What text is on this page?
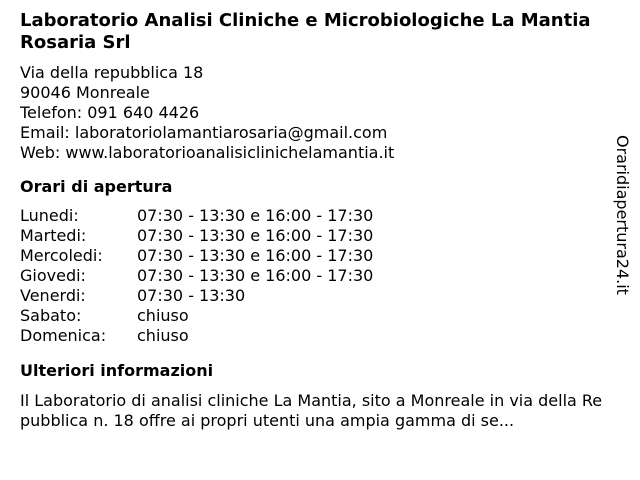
Laboratorio Analisi Cliniche e Microbiologiche La Mantia Rosaria Srl
Via della repubblica 18
90046 Monreale
Telefon: 091 640 4426
Email: laboratoriolamantiarosaria@gmail.com
Web: www.laboratorioanalisiclinichelamantia.it
Orari di apertura
Lunedi:	07:30 - 13:30 e 16:00 - 17:30
Martedi:	07:30 - 13:30 e 16:00 - 17:30
Mercoledi:	07:30 - 13:30 e 16:00 - 17:30
Giovedi:	07:30 - 13:30 e 16:00 - 17:30
Venerdi:	07:30 - 13:30
Sabato:	chiuso
Domenica:	chiuso
Ulteriori informazioni
Il Laboratorio di analisi cliniche La Mantia, sito a Monreale in via della Repubblica n. 18 offre ai propri utenti una ampia gamma di se...
Oraridiapertura24.it
